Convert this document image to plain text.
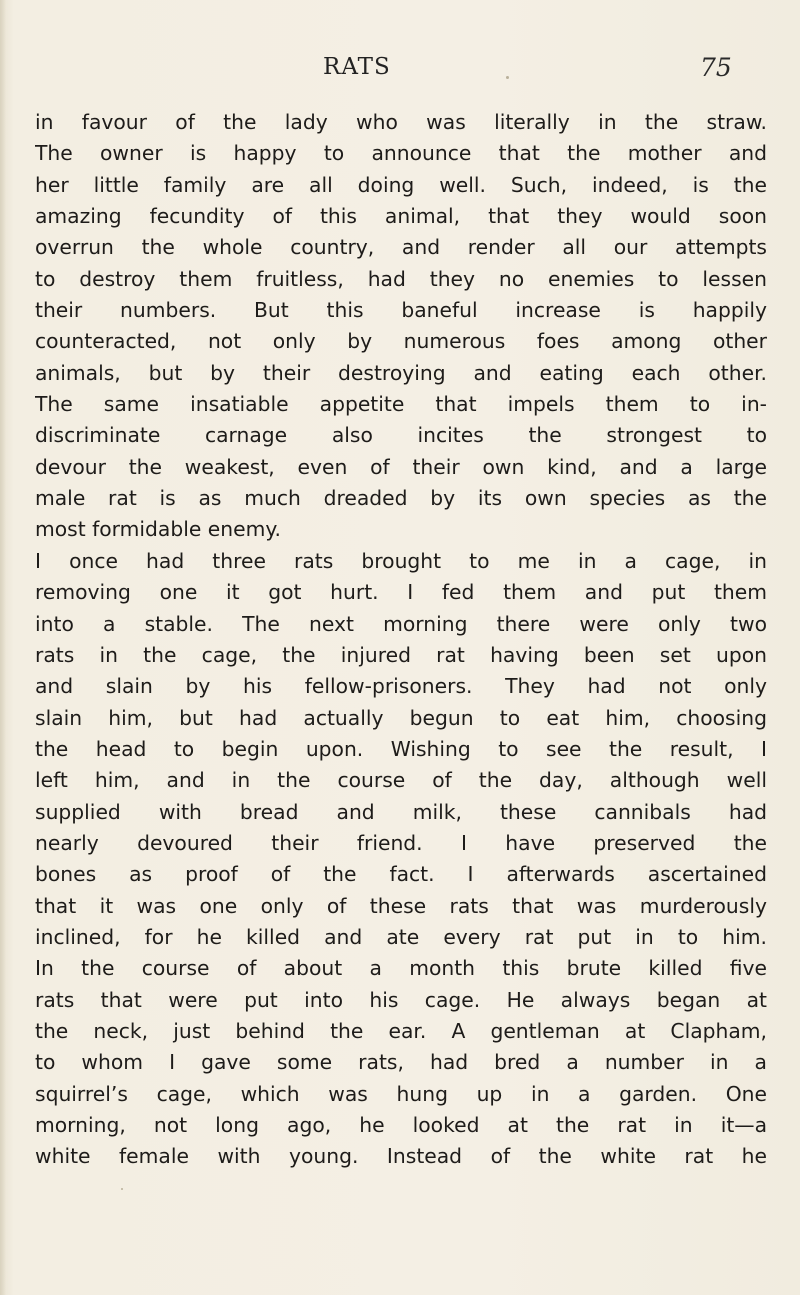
RATS	75
in favour of the lady who was literally in the straw.
The owner is happy to announce that the mother and
her little family are all doing well. Such, indeed, is the
amazing fecundity of this animal, that they would soon
overrun the whole country, and render all our attempts
to destroy them fruitless, had they no enemies to lessen
their numbers. But this baneful increase is happily
counteracted, not only by numerous foes among other
animals, but by their destroying and eating each other.
The same insatiable appetite that impels them to in-
discriminate carnage also incites the strongest to
devour the weakest, even of their own kind, and a large
male rat is as much dreaded by its own species as the
most formidable enemy.
I once had three rats brought to me in a cage, in
removing one it got hurt. I fed them and put them
into a stable. The next morning there were only two
rats in the cage, the injured rat having been set upon
and slain by his fellow-prisoners. They had not only
slain him, but had actually begun to eat him, choosing
the head to begin upon. Wishing to see the result, I
left him, and in the course of the day, although well
supplied with bread and milk, these cannibals had
nearly devoured their friend. I have preserved the
bones as proof of the fact. I afterwards ascertained
that it was one only of these rats that was murderously
inclined, for he killed and ate every rat put in to him.
In the course of about a month this brute killed five
rats that were put into his cage. He always began at
the neck, just behind the ear. A gentleman at Clapham,
to whom I gave some rats, had bred a number in a
squirrel’s cage, which was hung up in a garden. One
morning, not long ago, he looked at the rat in it—a
white female with young. Instead of the white rat he
